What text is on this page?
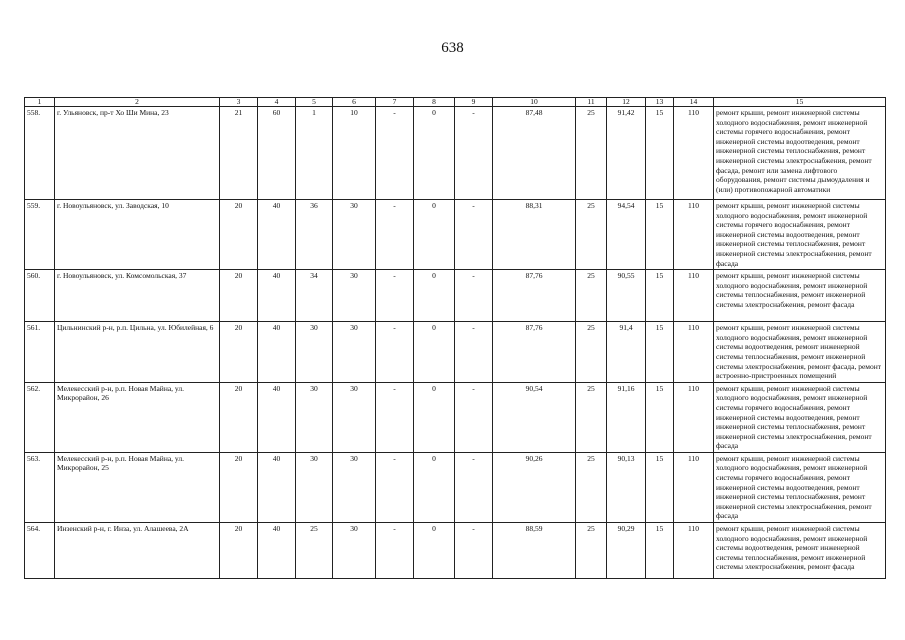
638
1	2	3	4	5	6	7	8	9	10	11	12	13	14	15
558.	г. Ульяновск, пр-т Хо Ши Мина, 23	21	60	1	10	-	0	-	87,48	25	91,42	15	110	ремонт крыши, ремонт инженерной системы холодного водоснабжения, ремонт инженерной системы горячего водоснабжения, ремонт инженерной системы водоотведения, ремонт инженерной системы теплоснабжения, ремонт инженерной системы электроснабжения, ремонт фасада, ремонт или замена лифтового оборудования, ремонт системы дымоудаления и (или) противопожарной автоматики
559.	г. Новоульяновск, ул. Заводская, 10	20	40	36	30	-	0	-	88,31	25	94,54	15	110	ремонт крыши, ремонт инженерной системы холодного водоснабжения, ремонт инженерной системы горячего водоснабжения, ремонт инженерной системы водоотведения, ремонт инженерной системы теплоснабжения, ремонт инженерной системы электроснабжения, ремонт фасада
560.	г. Новоульяновск, ул. Комсомольская, 37	20	40	34	30	-	0	-	87,76	25	90,55	15	110	ремонт крыши, ремонт инженерной системы холодного водоснабжения, ремонт инженерной системы теплоснабжения, ремонт инженерной системы электроснабжения, ремонт фасада
561.	Цильнинский р-н, р.п. Цильна, ул. Юбилейная, 6	20	40	30	30	-	0	-	87,76	25	91,4	15	110	ремонт крыши, ремонт инженерной системы холодного водоснабжения, ремонт инженерной системы водоотведения, ремонт инженерной системы теплоснабжения, ремонт инженерной системы электроснабжения, ремонт фасада, ремонт встроенно-пристроенных помещений
562.	Мелекесский р-н, р.п. Новая Майна, ул. Микрорайон, 26	20	40	30	30	-	0	-	90,54	25	91,16	15	110	ремонт крыши, ремонт инженерной системы холодного водоснабжения, ремонт инженерной системы горячего водоснабжения, ремонт инженерной системы водоотведения, ремонт инженерной системы теплоснабжения, ремонт инженерной системы электроснабжения, ремонт фасада
563.	Мелекесский р-н, р.п. Новая Майна, ул. Микрорайон, 25	20	40	30	30	-	0	-	90,26	25	90,13	15	110	ремонт крыши, ремонт инженерной системы холодного водоснабжения, ремонт инженерной системы горячего водоснабжения, ремонт инженерной системы водоотведения, ремонт инженерной системы теплоснабжения, ремонт инженерной системы электроснабжения, ремонт фасада
564.	Инзенский р-н, г. Инза, ул. Алашеева, 2А	20	40	25	30	-	0	-	88,59	25	90,29	15	110	ремонт крыши, ремонт инженерной системы холодного водоснабжения, ремонт инженерной системы водоотведения, ремонт инженерной системы теплоснабжения, ремонт инженерной системы электроснабжения, ремонт фасада
